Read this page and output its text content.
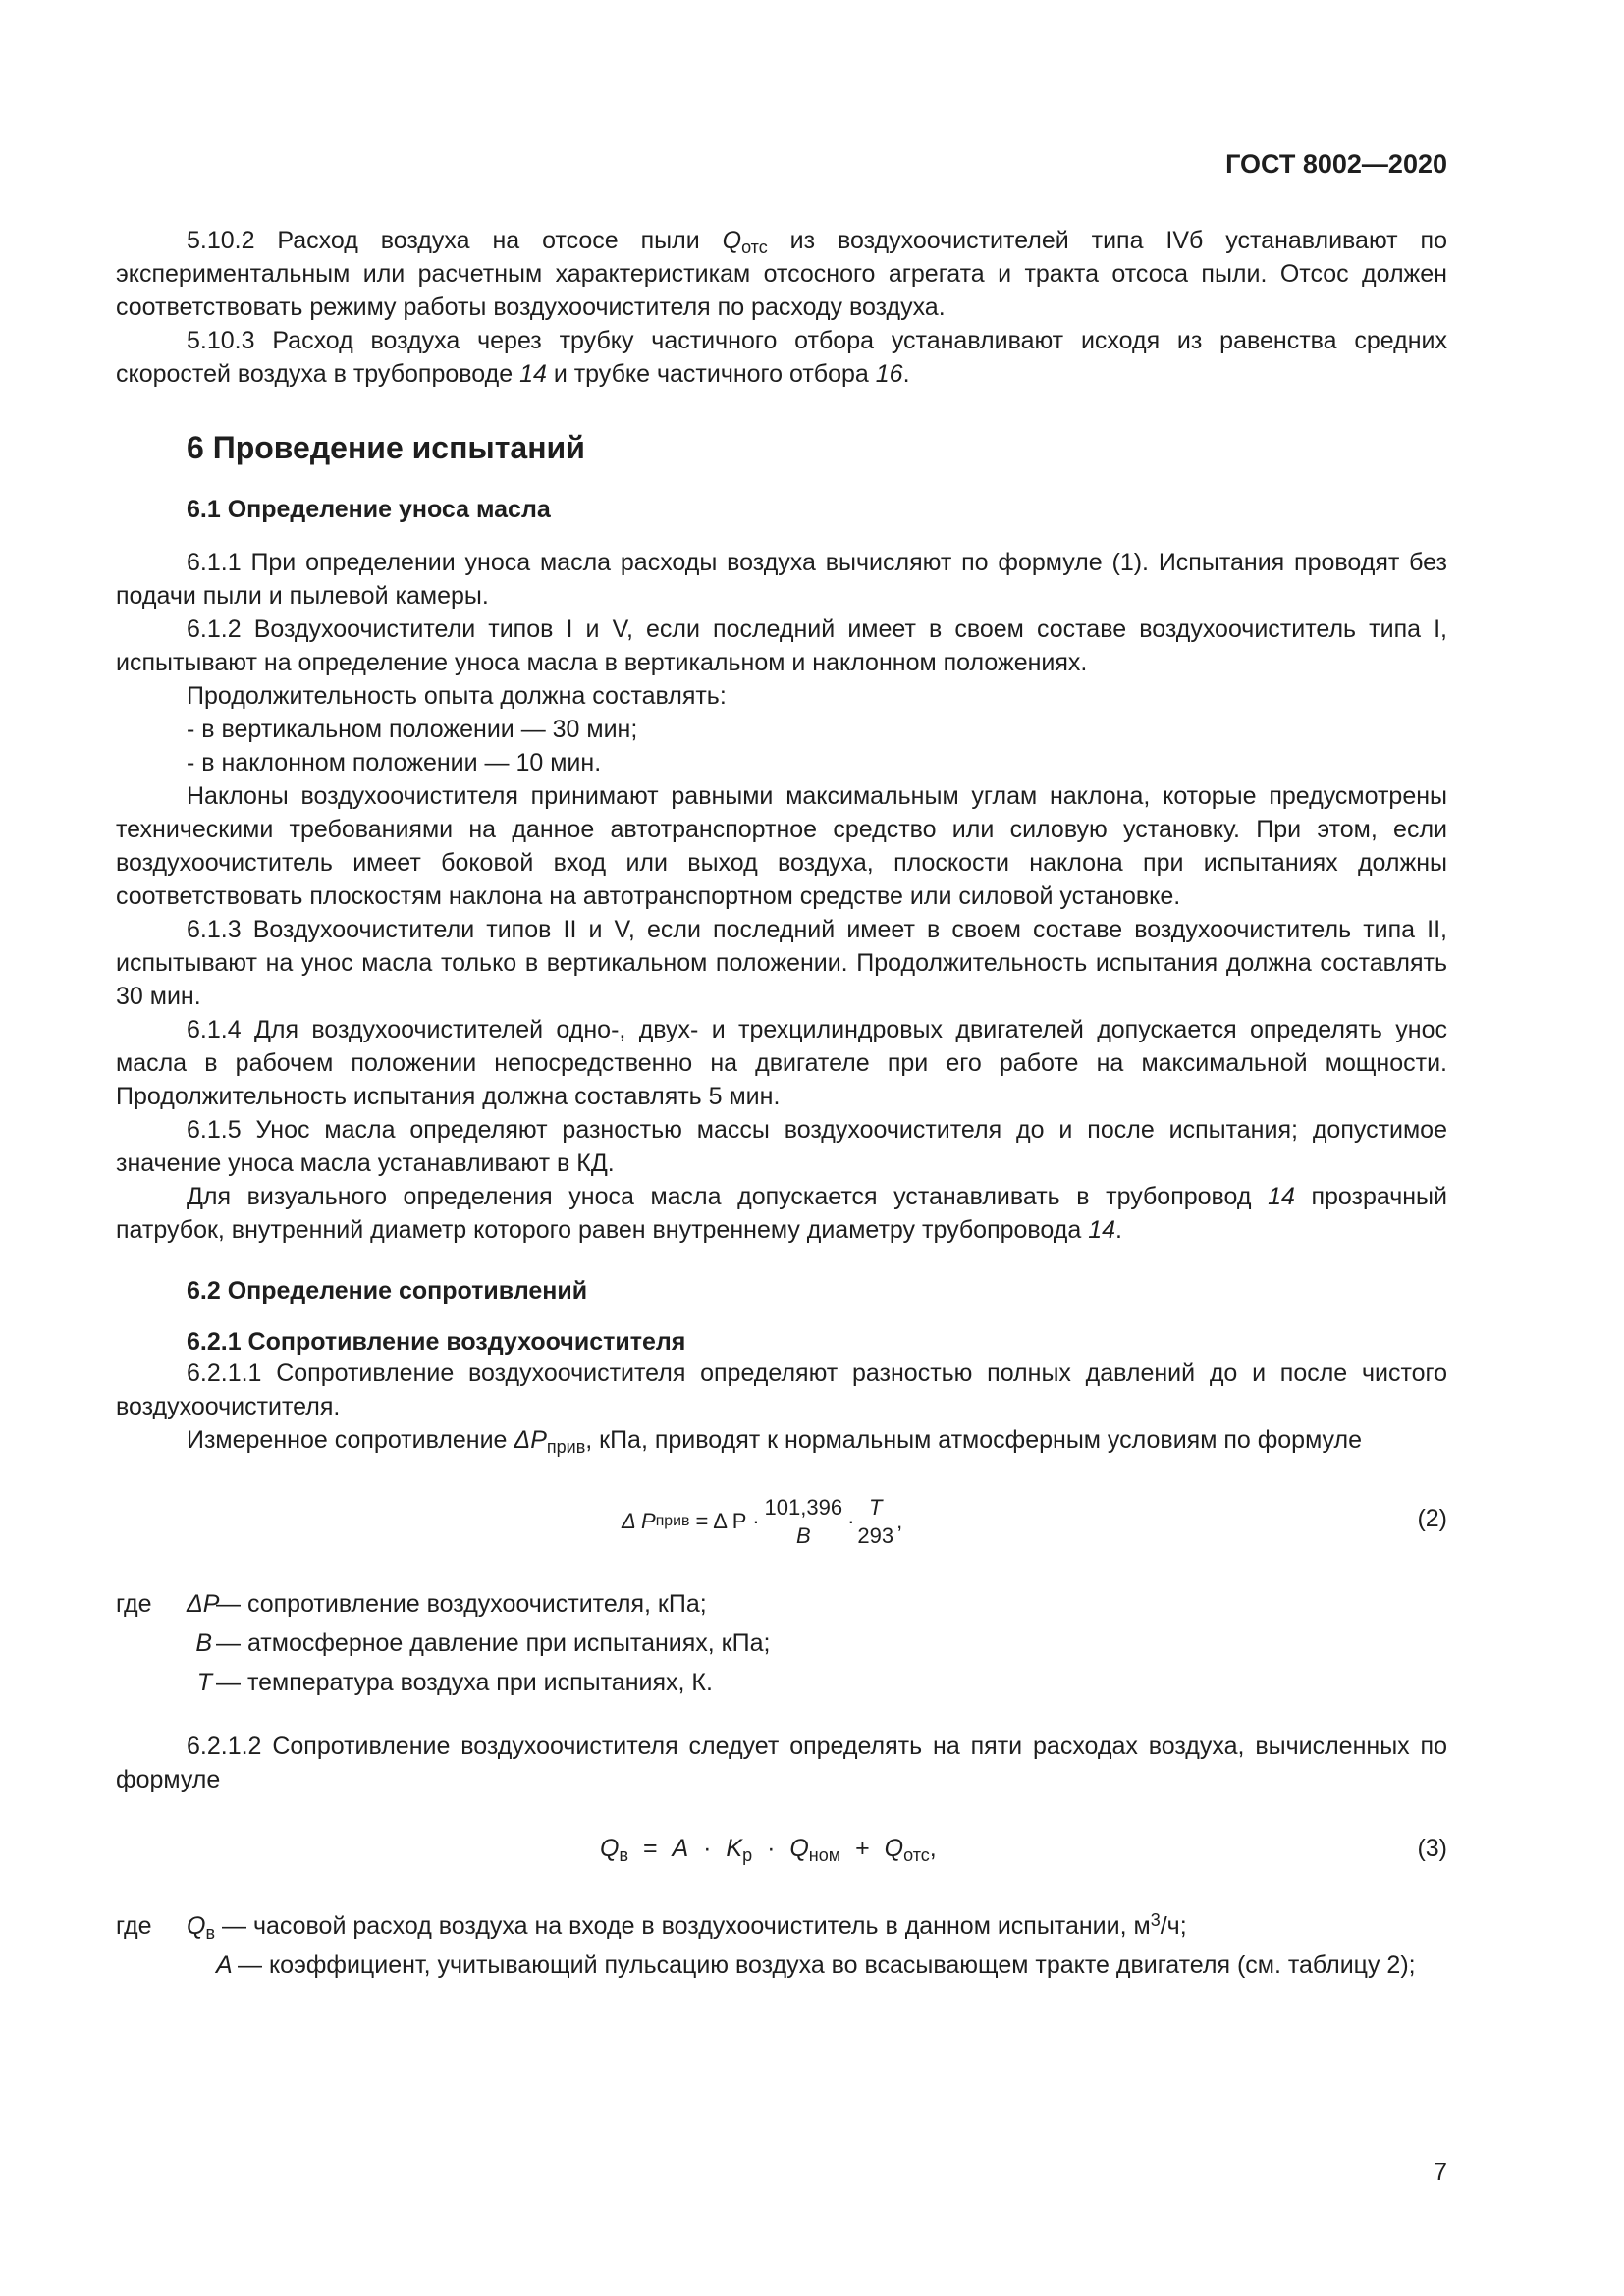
ГОСТ 8002—2020

5.10.2 Расход воздуха на отсосе пыли $Q_{отс}$ из воздухоочистителей типа IVб устанавливают по экспериментальным или расчетным характеристикам отсосного агрегата и тракта отсоса пыли. Отсос должен соответствовать режиму работы воздухоочистителя по расходу воздуха.

5.10.3 Расход воздуха через трубку частичного отбора устанавливают исходя из равенства средних скоростей воздуха в трубопроводе 14 и трубке частичного отбора 16.

6 Проведение испытаний
6.1 Определение уноса масла

6.1.1 При определении уноса масла расходы воздуха вычисляют по формуле (1). Испытания проводят без подачи пыли и пылевой камеры.

6.1.2 Воздухоочистители типов I и V, если последний имеет в своем составе воздухоочиститель типа I, испытывают на определение уноса масла в вертикальном и наклонном положениях.

Продолжительность опыта должна составлять:

- в вертикальном положении — 30 мин;

- в наклонном положении — 10 мин.

Наклоны воздухоочистителя принимают равными максимальным углам наклона, которые предусмотрены техническими требованиями на данное автотранспортное средство или силовую установку. При этом, если воздухоочиститель имеет боковой вход или выход воздуха, плоскости наклона при испытаниях должны соответствовать плоскостям наклона на автотранспортном средстве или силовой установке.

6.1.3 Воздухоочистители типов II и V, если последний имеет в своем составе воздухоочиститель типа II, испытывают на унос масла только в вертикальном положении. Продолжительность испытания должна составлять 30 мин.

6.1.4 Для воздухоочистителей одно-, двух- и трехцилиндровых двигателей допускается определять унос масла в рабочем положении непосредственно на двигателе при его работе на максимальной мощности. Продолжительность испытания должна составлять 5 мин.

6.1.5 Унос масла определяют разностью массы воздухоочистителя до и после испытания; допустимое значение уноса масла устанавливают в КД.

Для визуального определения уноса масла допускается устанавливать в трубопровод 14 прозрачный патрубок, внутренний диаметр которого равен внутреннему диаметру трубопровода 14.

6.2 Определение сопротивлений
6.2.1 Сопротивление воздухоочистителя

6.2.1.1 Сопротивление воздухоочистителя определяют разностью полных давлений до и после чистого воздухоочистителя.

Измеренное сопротивление $\Delta P_{прив}$, кПа, приводят к нормальным атмосферным условиям по формуле

Δ P прив = Δ $P \cdot \frac{101,396}{B} \cdot \frac{T}{293}$ ,	(2)
где	ΔP
— сопротивление воздухоочистителя, кПа;
B — атмосферное давление при испытаниях, кПа;
T — температура воздуха при испытаниях, К.

6.2.1.2 Сопротивление воздухоочистителя следует определять на пяти расходах воздуха, вычисленных по формуле

$Q_в = A \cdot K_р \cdot Q_{ном} + Q_{отс}$,	(3)
где	$Q_в$ — часовой расход воздуха на входе в воздухоочиститель в данном испытании, $м^3/ч$;
A — коэффициент, учитывающий пульсацию воздуха во всасывающем тракте двигателя (см. таблицу 2);
7
